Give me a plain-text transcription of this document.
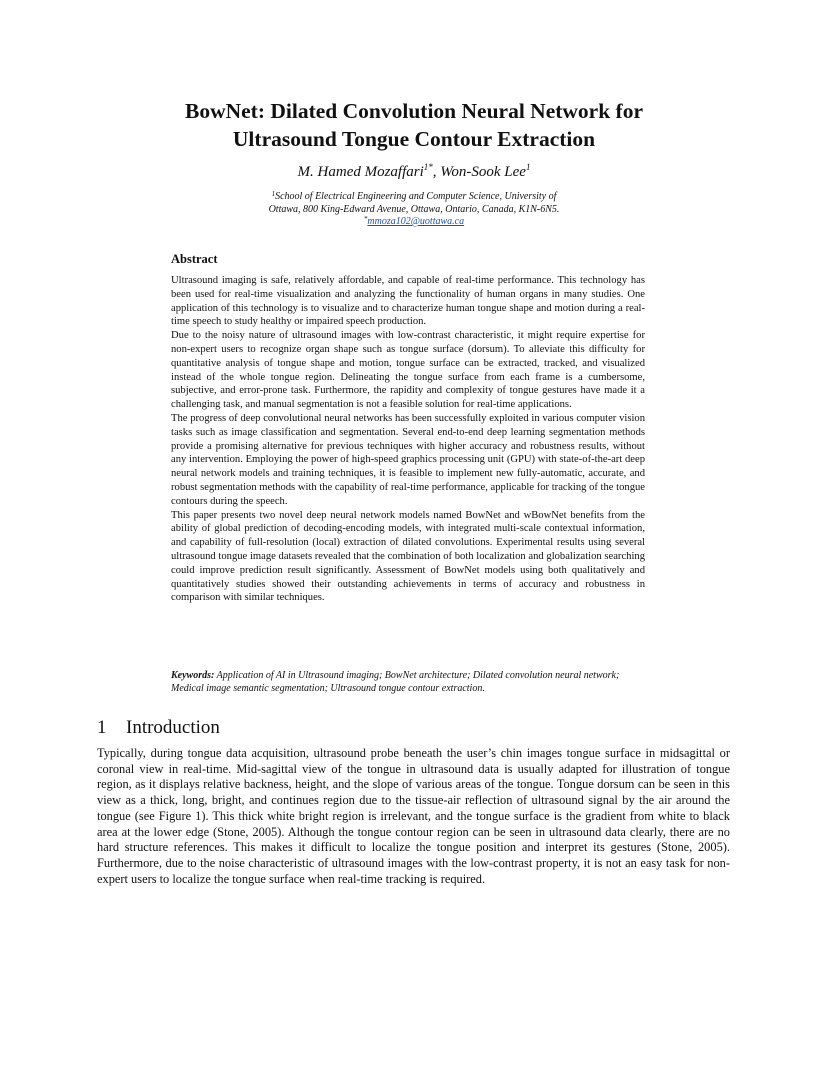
BowNet: Dilated Convolution Neural Network for
Ultrasound Tongue Contour Extraction
M. Hamed Mozaffari$^{1*}$, Won-Sook Lee$^1$
$^1$School of Electrical Engineering and Computer Science, University of
Ottawa, 800 King-Edward Avenue, Ottawa, Ontario, Canada, K1N-6N5.
*mmoza102@uottawa.ca
Abstract

Ultrasound imaging is safe, relatively affordable, and capable of real-time performance. This technology has been used for real-time visualization and analyzing the functionality of human organs in many studies. One application of this technology is to visualize and to characterize human tongue shape and motion during a real-time speech to study healthy or impaired speech production.

Due to the noisy nature of ultrasound images with low-contrast characteristic, it might require expertise for non-expert users to recognize organ shape such as tongue surface (dorsum). To alleviate this difficulty for quantitative analysis of tongue shape and motion, tongue surface can be extracted, tracked, and visualized instead of the whole tongue region. Delineating the tongue surface from each frame is a cumbersome, subjective, and error-prone task. Furthermore, the rapidity and complexity of tongue gestures have made it a challenging task, and manual segmentation is not a feasible solution for real-time applications.

The progress of deep convolutional neural networks has been successfully exploited in various computer vision tasks such as image classification and segmentation. Several end-to-end deep learning segmentation methods provide a promising alternative for previous techniques with higher accuracy and robustness results, without any intervention. Employing the power of high-speed graphics processing unit (GPU) with state-of-the-art deep neural network models and training techniques, it is feasible to implement new fully-automatic, accurate, and robust segmentation methods with the capability of real-time performance, applicable for tracking of the tongue contours during the speech.

This paper presents two novel deep neural network models named BowNet and wBowNet benefits from the ability of global prediction of decoding-encoding models, with integrated multi-scale contextual information, and capability of full-resolution (local) extraction of dilated convolutions. Experimental results using several ultrasound tongue image datasets revealed that the combination of both localization and globalization searching could improve prediction result significantly. Assessment of BowNet models using both qualitatively and quantitatively studies showed their outstanding achievements in terms of accuracy and robustness in comparison with similar techniques.

Keywords: Application of AI in Ultrasound imaging; BowNet architecture; Dilated convolution neural network; Medical image semantic segmentation; Ultrasound tongue contour extraction.
1 Introduction

Typically, during tongue data acquisition, ultrasound probe beneath the user’s chin images tongue surface in midsagittal or coronal view in real-time. Mid-sagittal view of the tongue in ultrasound data is usually adapted for illustration of tongue region, as it displays relative backness, height, and the slope of various areas of the tongue. Tongue dorsum can be seen in this view as a thick, long, bright, and continues region due to the tissue-air reflection of ultrasound signal by the air around the tongue (see Figure 1). This thick white bright region is irrelevant, and the tongue surface is the gradient from white to black area at the lower edge (Stone, 2005). Although the tongue contour region can be seen in ultrasound data clearly, there are no hard structure references. This makes it difficult to localize the tongue position and interpret its gestures (Stone, 2005). Furthermore, due to the noise characteristic of ultrasound images with the low-contrast property, it is not an easy task for non-expert users to localize the tongue surface when real-time tracking is required.
